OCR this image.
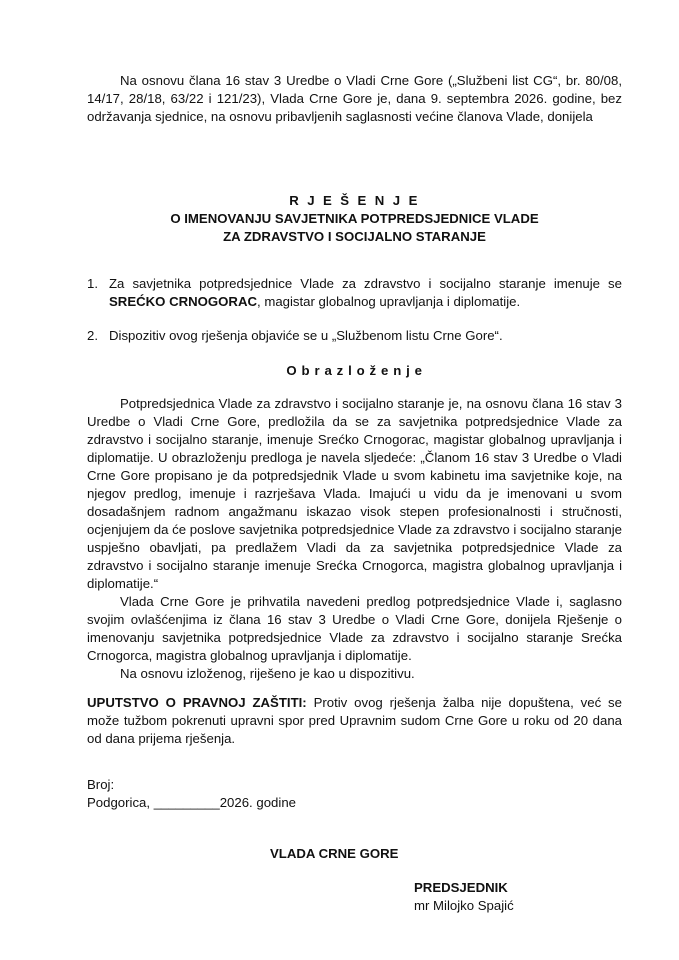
Na osnovu člana 16 stav 3 Uredbe o Vladi Crne Gore („Službeni list CG“, br. 80/08, 14/17, 28/18, 63/22 i 121/23), Vlada Crne Gore je, dana 9. septembra 2026. godine, bez održavanja sjednice, na osnovu pribavljenih saglasnosti većine članova Vlade, donijela

R J E Š E N J E
O IMENOVANJU SAVJETNIKA POTPREDSJEDNICE VLADE
ZA ZDRAVSTVO I SOCIJALNO STARANJE
1. Za savjetnika potpredsjednice Vlade za zdravstvo i socijalno staranje imenuje se SREĆKO CRNOGORAC, magistar globalnog upravljanja i diplomatije.
2. Dispozitiv ovog rješenja objaviće se u „Službenom listu Crne Gore“.
O b r a z l o ž e n j e

Potpredsjednica Vlade za zdravstvo i socijalno staranje je, na osnovu člana 16 stav 3 Uredbe o Vladi Crne Gore, predložila da se za savjetnika potpredsjednice Vlade za zdravstvo i socijalno staranje, imenuje Srećko Crnogorac, magistar globalnog upravljanja i diplomatije. U obrazloženju predloga je navela sljedeće: „Članom 16 stav 3 Uredbe o Vladi Crne Gore propisano je da potpredsjednik Vlade u svom kabinetu ima savjetnike koje, na njegov predlog, imenuje i razrješava Vlada. Imajući u vidu da je imenovani u svom dosadašnjem radnom angažmanu iskazao visok stepen profesionalnosti i stručnosti, ocjenjujem da će poslove savjetnika potpredsjednice Vlade za zdravstvo i socijalno staranje uspješno obavljati, pa predlažem Vladi da za savjetnika potpredsjednice Vlade za zdravstvo i socijalno staranje imenuje Srećka Crnogorca, magistra globalnog upravljanja i diplomatije.“

Vlada Crne Gore je prihvatila navedeni predlog potpredsjednice Vlade i, saglasno svojim ovlašćenjima iz člana 16 stav 3 Uredbe o Vladi Crne Gore, donijela Rješenje o imenovanju savjetnika potpredsjednice Vlade za zdravstvo i socijalno staranje Srećka Crnogorca, magistra globalnog upravljanja i diplomatije.

Na osnovu izloženog, riješeno je kao u dispozitivu.

UPUTSTVO O PRAVNOJ ZAŠTITI: Protiv ovog rješenja žalba nije dopuštena, već se može tužbom pokrenuti upravni spor pred Upravnim sudom Crne Gore u roku od 20 dana od dana prijema rješenja.

Broj:
Podgorica, _________2026. godine
VLADA CRNE GORE
PREDSJEDNIK
mr Milojko Spajić
